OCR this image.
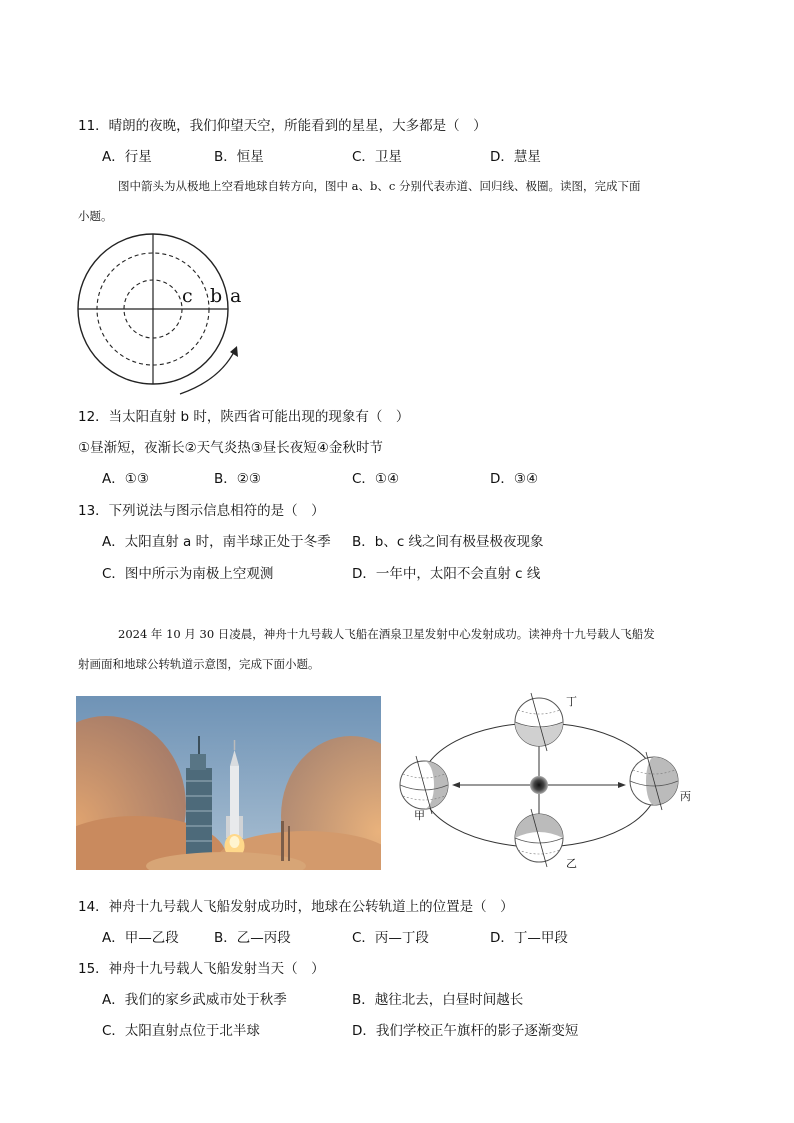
11．晴朗的夜晚，我们仰望天空，所能看到的星星，大多都是（　）
A．行星	B．恒星	C．卫星	D．慧星
图中箭头为从极地上空看地球自转方向，图中 a、b、c 分别代表赤道、回归线、极圈。读图，完成下面
小题。
c b a
12．当太阳直射 b 时，陕西省可能出现的现象有（　）
①昼渐短，夜渐长②天气炎热③昼长夜短④金秋时节
A．①③	B．②③	C．①④	D．③④
13．下列说法与图示信息相符的是（　）
A．太阳直射 a 时，南半球正处于冬季 B．b、c 线之间有极昼极夜现象
C．图中所示为南极上空观测	D．一年中，太阳不会直射 c 线
2024 年 10 月 30 日凌晨，神舟十九号载人飞船在酒泉卫星发射中心发射成功。读神舟十九号载人飞船发
射画面和地球公转轨道示意图，完成下面小题。
甲
乙
丙
丁
14．神舟十九号载人飞船发射成功时，地球在公转轨道上的位置是（　）
A．甲—乙段	B．乙—丙段	C．丙—丁段	D．丁—甲段
15．神舟十九号载人飞船发射当天（　）
A．我们的家乡武威市处于秋季	B．越往北去，白昼时间越长
C．太阳直射点位于北半球	D．我们学校正午旗杆的影子逐渐变短
